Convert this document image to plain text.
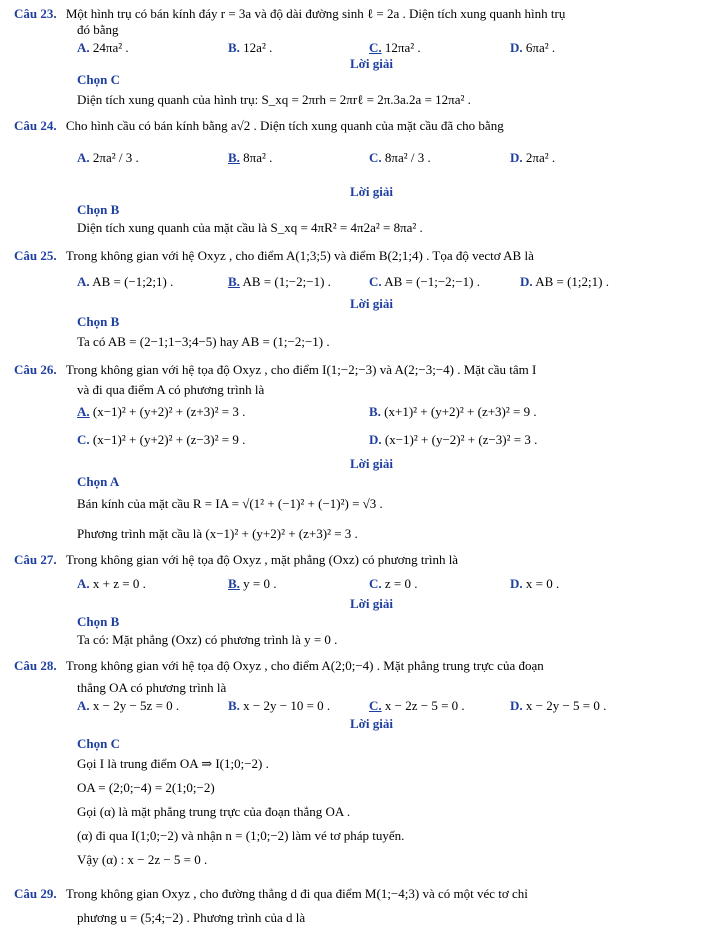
Câu 23. Một hình trụ có bán kính đáy r = 3a và độ dài đường sinh ℓ = 2a . Diện tích xung quanh hình trụ
đó bằng
A. 24πa² .	B. 12a² .	C. 12πa² .	D. 6πa² .
Lời giải
Chọn C
Diện tích xung quanh của hình trụ: S_xq = 2πrh = 2πrℓ = 2π.3a.2a = 12πa² .
Câu 24. Cho hình cầu có bán kính bằng a√2 . Diện tích xung quanh của mặt cầu đã cho bằng
A. 2πa² / 3 .	B. 8πa² .	C. 8πa² / 3 .	D. 2πa² .
Lời giải
Chọn B
Diện tích xung quanh của mặt cầu là S_xq = 4πR² = 4π2a² = 8πa² .
Câu 25. Trong không gian với hệ Oxyz , cho điểm A(1;3;5) và điểm B(2;1;4) . Tọa độ vectơ AB là
A. AB = (−1;2;1) .	B. AB = (1;−2;−1) .	C. AB = (−1;−2;−1) .	D. AB = (1;2;1) .
Lời giải
Chọn B
Ta có AB = (2−1;1−3;4−5) hay AB = (1;−2;−1) .
Câu 26. Trong không gian với hệ tọa độ Oxyz , cho điểm I(1;−2;−3) và A(2;−3;−4) . Mặt cầu tâm I
và đi qua điểm A có phương trình là
A. (x−1)² + (y+2)² + (z+3)² = 3 .	B. (x+1)² + (y+2)² + (z+3)² = 9 .
C. (x−1)² + (y+2)² + (z−3)² = 9 .	D. (x−1)² + (y−2)² + (z−3)² = 3 .
Lời giải
Chọn A
Bán kính của mặt cầu R = IA = √(1² + (−1)² + (−1)²) = √3 .
Phương trình mặt cầu là (x−1)² + (y+2)² + (z+3)² = 3 .
Câu 27. Trong không gian với hệ tọa độ Oxyz , mặt phẳng (Oxz) có phương trình là
A. x + z = 0 .	B. y = 0 .	C. z = 0 .	D. x = 0 .
Lời giải
Chọn B
Ta có: Mặt phẳng (Oxz) có phương trình là y = 0 .
Câu 28. Trong không gian với hệ tọa độ Oxyz , cho điểm A(2;0;−4) . Mặt phẳng trung trực của đoạn
thẳng OA có phương trình là
A. x − 2y − 5z = 0 .	B. x − 2y − 10 = 0 .	C. x − 2z − 5 = 0 .	D. x − 2y − 5 = 0 .
Lời giải
Chọn C
Gọi I là trung điểm OA ⇒ I(1;0;−2) .
OA = (2;0;−4) = 2(1;0;−2)
Gọi (α) là mặt phẳng trung trực của đoạn thẳng OA .
(α) đi qua I(1;0;−2) và nhận n = (1;0;−2) làm vé tơ pháp tuyến.
Vậy (α) : x − 2z − 5 = 0 .
Câu 29. Trong không gian Oxyz , cho đường thẳng d đi qua điểm M(1;−4;3) và có một véc tơ chỉ
phương u = (5;4;−2) . Phương trình của d là
